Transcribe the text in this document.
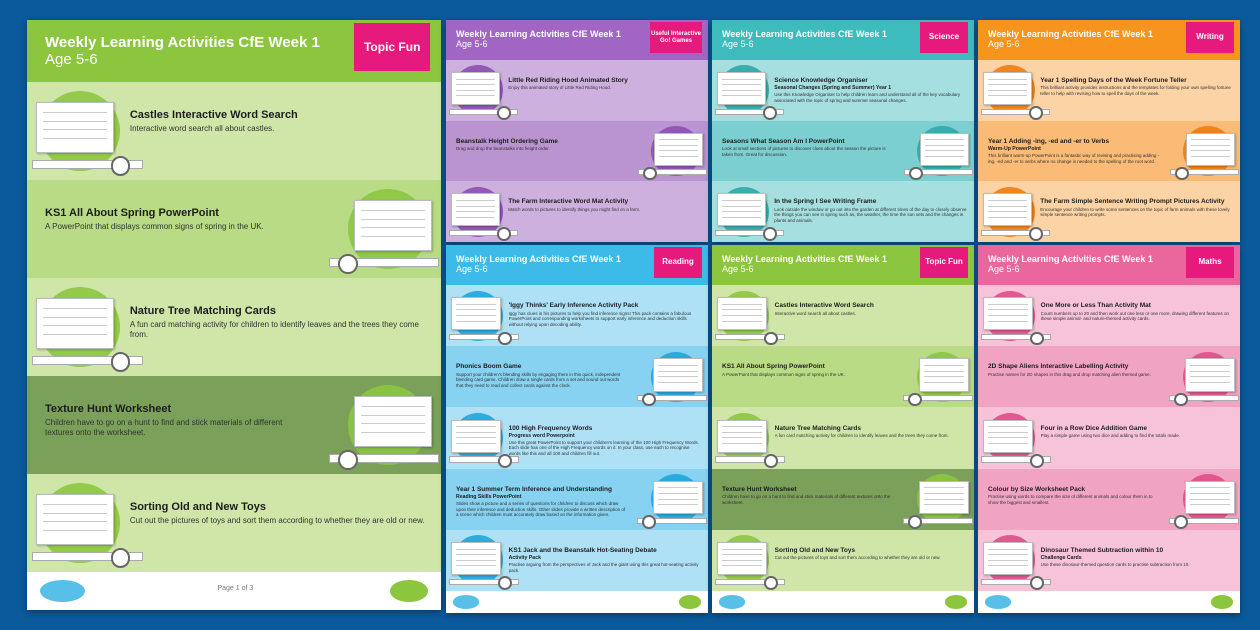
Weekly Learning Activities CfE Week 1
Age 5-6
Topic Fun
Castles Interactive Word Search
Interactive word search all about castles.
KS1 All About Spring PowerPoint
A PowerPoint that displays common signs of spring in the UK.
Nature Tree Matching Cards
A fun card matching activity for children to identify leaves and the trees they come from.
Texture Hunt Worksheet
Children have to go on a hunt to find and stick materials of different textures onto the worksheet.
Sorting Old and New Toys
Cut out the pictures of toys and sort them according to whether they are old or new.
Page 1 of 3
Weekly Learning Activities CfE Week 1
Age 5-6
Useful Interactive Go! Games
Little Red Riding Hood Animated Story
Enjoy this animated story of Little Red Riding Hood.
Beanstalk Height Ordering Game
Drag and drop the beanstalks into height order.
The Farm Interactive Word Mat Activity
Match words to pictures to identify things you might find on a farm.
Weekly Learning Activities CfE Week 1
Age 5-6
Reading
'Iggy Thinks' Early Inference Activity Pack
Iggy has clues in his pictures to help you find inference signs! This pack contains a fabulous PowerPoint and corresponding worksheets to support early inference and deduction skills without relying upon decoding ability.
Phonics Boom Game
Support your children's blending skills by engaging them in this quick, independent blending card game. Children draw a single cards from a set and sound out words that they need to read and collect cards against the clock.
100 High Frequency Words
Progress word Powerpoint
Use this great PowerPoint to support your children's learning of the 100 High Frequency Words. Each slide has one of the High Frequency words on it. In your class, use each to recognise words like this and all 100 and children fill out.
Year 1 Summer Term Inference and Understanding
Reading Skills PowerPoint
Slides show a picture and a series of questions for children to discuss which draw upon their inference and deduction skills. Other slides provide a written description of a scene which children must accurately draw based on the information given.
KS1 Jack and the Beanstalk Hot-Seating Debate
Activity Pack
Practise arguing from the perspectives of Jack and the giant using this great hot-seating activity pack.
Weekly Learning Activities CfE Week 1
Age 5-6
Science
Science Knowledge Organiser
Seasonal Changes (Spring and Summer) Year 1
Use this Knowledge Organiser to help children learn and understand all of the key vocabulary associated with the topic of spring and summer seasonal changes.
Seasons What Season Am I PowerPoint
Look at small sections of pictures to discover clues about the season the picture is taken from. Great for discussion.
In the Spring I See Writing Frame
Look outside the window or go out into the garden at different times of the day to closely observe the things you can see in spring such as, the weather, the time the sun sets and the changes in plants and animals.
Weekly Learning Activities CfE Week 1
Age 5-6
Topic Fun
Castles Interactive Word Search
Interactive word search all about castles.
KS1 All About Spring PowerPoint
A PowerPoint that displays common signs of spring in the UK.
Nature Tree Matching Cards
A fun card matching activity for children to identify leaves and the trees they come from.
Texture Hunt Worksheet
Children have to go on a hunt to find and stick materials of different textures onto the worksheet.
Sorting Old and New Toys
Cut out the pictures of toys and sort them according to whether they are old or new.
Weekly Learning Activities CfE Week 1
Age 5-6
Writing
Year 1 Spelling Days of the Week Fortune Teller
This brilliant activity provides instructions and the templates for folding your own spelling fortune teller to help with revising how to spell the days of the week.
Year 1 Adding -ing, -ed and -er to Verbs
Warm-Up PowerPoint
This brilliant warm-up PowerPoint is a fantastic way of revising and practising adding -ing, -ed and -er to verbs where no change is needed to the spelling of the root word.
The Farm Simple Sentence Writing Prompt Pictures Activity
Encourage your children to write some sentences on the topic of farm animals with these lovely simple sentence writing prompts.
Weekly Learning Activities CfE Week 1
Age 5-6
Maths
One More or Less Than Activity Mat
Count numbers up to 20 and then work out one less or one more, drawing different features on these simple animal- and nature-themed activity cards.
2D Shape Aliens Interactive Labelling Activity
Practise names for 2D shapes in this drag and drop matching alien themed game.
Four in a Row Dice Addition Game
Play a simple game using two dice and adding to find the totals made.
Colour by Size Worksheet Pack
Practise using words to compare the size of different animals and colour them in to show the biggest and smallest.
Dinosaur Themed Subtraction within 10
Challenge Cards
Use these dinosaur-themed question cards to practise subtraction from 10.
